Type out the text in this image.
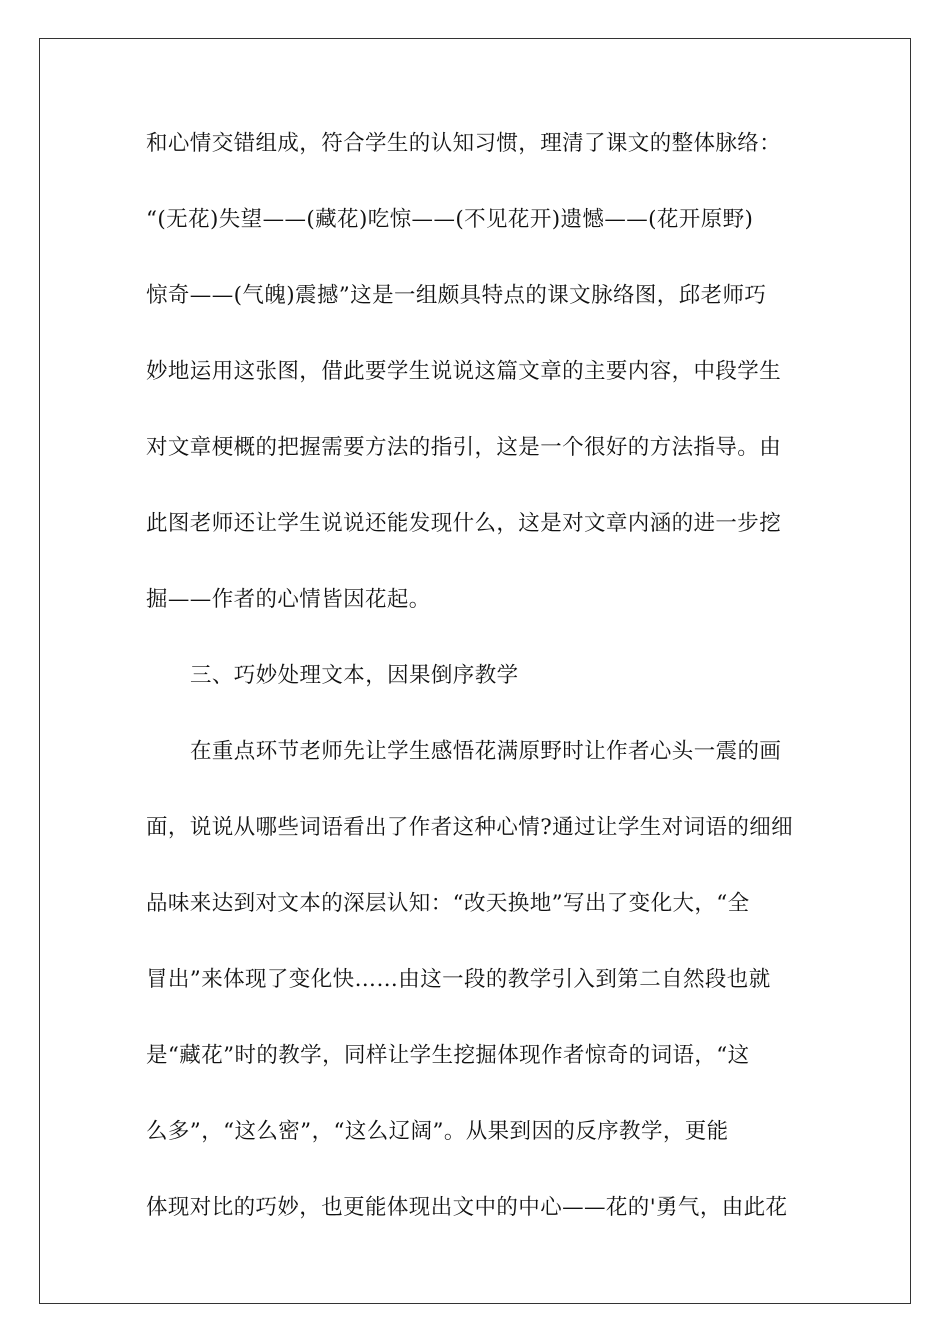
和心情交错组成，符合学生的认知习惯，理清了课文的整体脉络：
“(无花)失望——(藏花)吃惊——(不见花开)遗憾——(花开原野)
惊奇——(气魄)震撼”这是一组颇具特点的课文脉络图，邱老师巧
妙地运用这张图，借此要学生说说这篇文章的主要内容，中段学生
对文章梗概的把握需要方法的指引，这是一个很好的方法指导。由
此图老师还让学生说说还能发现什么，这是对文章内涵的进一步挖
掘——作者的心情皆因花起。
三、巧妙处理文本，因果倒序教学
在重点环节老师先让学生感悟花满原野时让作者心头一震的画
面，说说从哪些词语看出了作者这种心情?通过让学生对词语的细细
品味来达到对文本的深层认知：“改天换地”写出了变化大，“全
冒出”来体现了变化快……由这一段的教学引入到第二自然段也就
是“藏花”时的教学，同样让学生挖掘体现作者惊奇的词语，“这
么多”，“这么密”，“这么辽阔”。从果到因的反序教学，更能
体现对比的巧妙，也更能体现出文中的中心——花的'勇气，由此花
